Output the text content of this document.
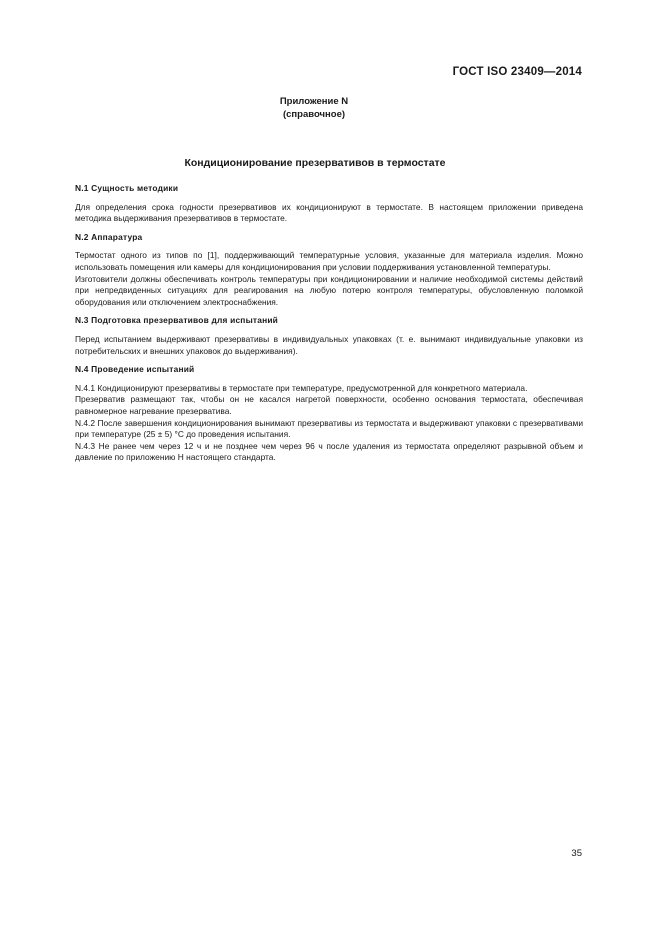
ГОСТ ISO 23409—2014
Приложение N
(справочное)
Кондиционирование презервативов в термостате

N.1 Сущность методики

Для определения срока годности презервативов их кондиционируют в термостате. В настоящем приложении приведена методика выдерживания презервативов в термостате.

N.2 Аппаратура

Термостат одного из типов по [1], поддерживающий температурные условия, указанные для материала изделия. Можно использовать помещения или камеры для кондиционирования при условии поддерживания установленной температуры.

Изготовители должны обеспечивать контроль температуры при кондиционировании и наличие необходимой системы действий при непредвиденных ситуациях для реагирования на любую потерю контроля температуры, обусловленную поломкой оборудования или отключением электроснабжения.

N.3 Подготовка презервативов для испытаний

Перед испытанием выдерживают презервативы в индивидуальных упаковках (т. е. вынимают индивидуальные упаковки из потребительских и внешних упаковок до выдерживания).

N.4 Проведение испытаний

N.4.1 Кондиционируют презервативы в термостате при температуре, предусмотренной для конкретного материала.

Презерватив размещают так, чтобы он не касался нагретой поверхности, особенно основания термостата, обеспечивая равномерное нагревание презерватива.

N.4.2 После завершения кондиционирования вынимают презервативы из термостата и выдерживают упаковки с презервативами при температуре (25 ± 5) °С до проведения испытания.

N.4.3 Не ранее чем через 12 ч и не позднее чем через 96 ч после удаления из термостата определяют разрывной объем и давление по приложению Н настоящего стандарта.

35
